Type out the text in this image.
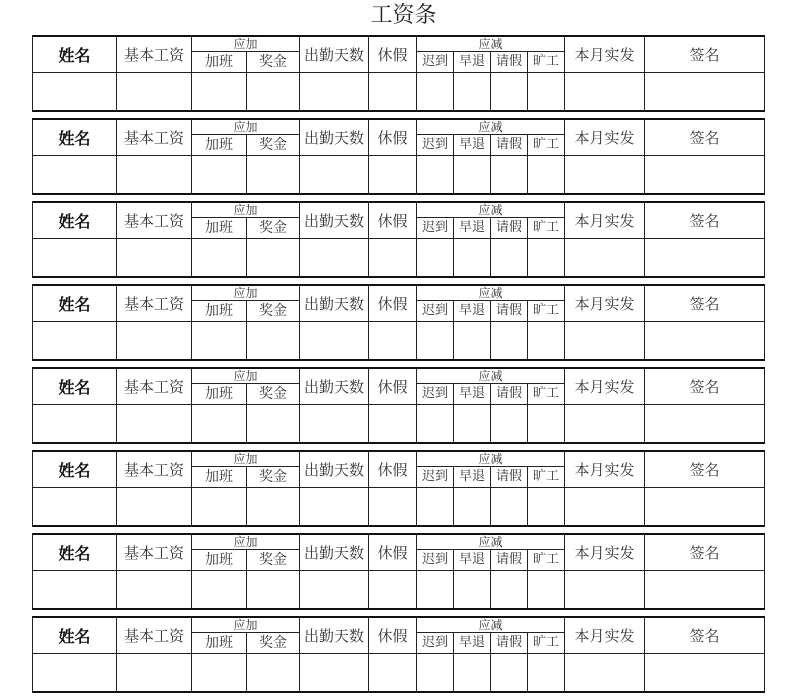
工资条
姓名	基本工资	应加		出勤天数	休假	应减				本月实发	签名
		加班	奖金			迟到	早退	请假	旷工		

姓名	基本工资	应加		出勤天数	休假	应减				本月实发	签名
		加班	奖金			迟到	早退	请假	旷工		

姓名	基本工资	应加		出勤天数	休假	应减				本月实发	签名
		加班	奖金			迟到	早退	请假	旷工		

姓名	基本工资	应加		出勤天数	休假	应减				本月实发	签名
		加班	奖金			迟到	早退	请假	旷工		

姓名	基本工资	应加		出勤天数	休假	应减				本月实发	签名
		加班	奖金			迟到	早退	请假	旷工		

姓名	基本工资	应加		出勤天数	休假	应减				本月实发	签名
		加班	奖金			迟到	早退	请假	旷工		

姓名	基本工资	应加		出勤天数	休假	应减				本月实发	签名
		加班	奖金			迟到	早退	请假	旷工		

姓名	基本工资	应加		出勤天数	休假	应减				本月实发	签名
		加班	奖金			迟到	早退	请假	旷工		
